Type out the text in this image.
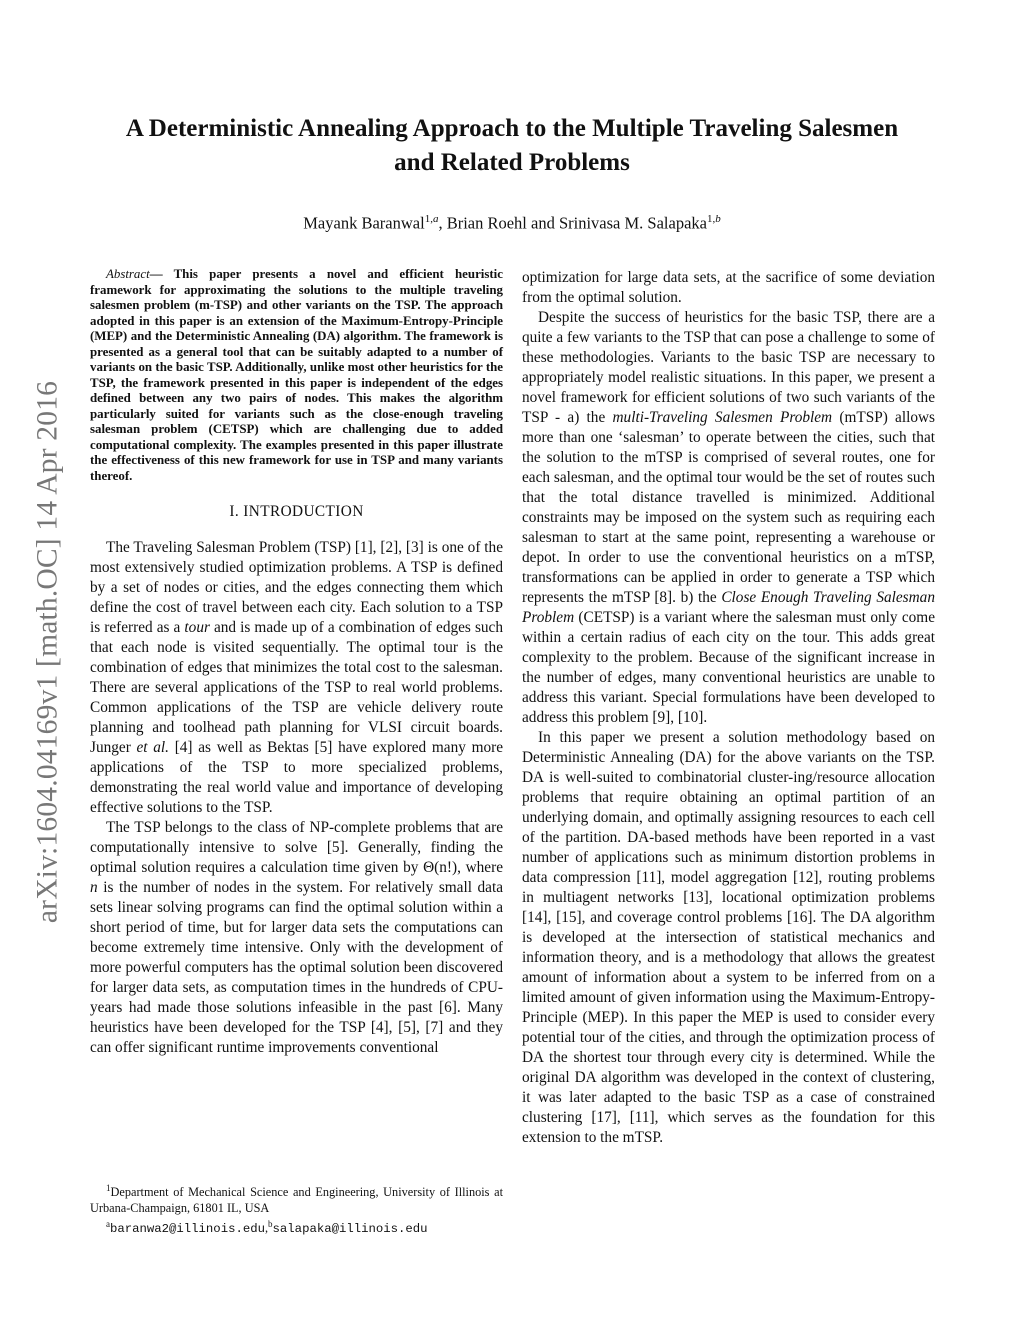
arXiv:1604.04169v1 [math.OC] 14 Apr 2016
A Deterministic Annealing Approach to the Multiple Traveling Salesmen and Related Problems
Mayank Baranwal$^{1,a}$, Brian Roehl and Srinivasa M. Salapaka$^{1,b}$

Abstract— This paper presents a novel and efficient heuristic framework for approximating the solutions to the multiple traveling salesmen problem (m-TSP) and other variants on the TSP. The approach adopted in this paper is an extension of the Maximum-Entropy-Principle (MEP) and the Deterministic Annealing (DA) algorithm. The framework is presented as a general tool that can be suitably adapted to a number of variants on the basic TSP. Additionally, unlike most other heuristics for the TSP, the framework presented in this paper is independent of the edges defined between any two pairs of nodes. This makes the algorithm particularly suited for variants such as the close-enough traveling salesman problem (CETSP) which are challenging due to added computational complexity. The examples presented in this paper illustrate the effectiveness of this new framework for use in TSP and many variants thereof.

I. INTRODUCTION

The Traveling Salesman Problem (TSP) [1], [2], [3] is one of the most extensively studied optimization problems. A TSP is defined by a set of nodes or cities, and the edges connecting them which define the cost of travel between each city. Each solution to a TSP is referred as a tour and is made up of a combination of edges such that each node is visited sequentially. The optimal tour is the combination of edges that minimizes the total cost to the salesman. There are several applications of the TSP to real world problems. Common applications of the TSP are vehicle delivery route planning and toolhead path planning for VLSI circuit boards. Junger et al. [4] as well as Bektas [5] have explored many more applications of the TSP to more specialized problems, demonstrating the real world value and importance of developing effective solutions to the TSP.

The TSP belongs to the class of NP-complete problems that are computationally intensive to solve [5]. Generally, finding the optimal solution requires a calculation time given by Θ(n!), where n is the number of nodes in the system. For relatively small data sets linear solving programs can find the optimal solution within a short period of time, but for larger data sets the computations can become extremely time intensive. Only with the development of more powerful computers has the optimal solution been discovered for larger data sets, as computation times in the hundreds of CPU-years had made those solutions infeasible in the past [6]. Many heuristics have been developed for the TSP [4], [5], [7] and they can offer significant runtime improvements conventional

$^1$Department of Mechanical Science and Engineering, University of Illinois at Urbana-Champaign, 61801 IL, USA

$^a$baranwa2@illinois.edu,$^b$salapaka@illinois.edu

optimization for large data sets, at the sacrifice of some deviation from the optimal solution.

Despite the success of heuristics for the basic TSP, there are a quite a few variants to the TSP that can pose a challenge to some of these methodologies. Variants to the basic TSP are necessary to appropriately model realistic situations. In this paper, we present a novel framework for efficient solutions of two such variants of the TSP - a) the multi-Traveling Salesmen Problem (mTSP) allows more than one ‘salesman’ to operate between the cities, such that the solution to the mTSP is comprised of several routes, one for each salesman, and the optimal tour would be the set of routes such that the total distance travelled is minimized. Additional constraints may be imposed on the system such as requiring each salesman to start at the same point, representing a warehouse or depot. In order to use the conventional heuristics on a mTSP, transformations can be applied in order to generate a TSP which represents the mTSP [8]. b) the Close Enough Traveling Salesman Problem (CETSP) is a variant where the salesman must only come within a certain radius of each city on the tour. This adds great complexity to the problem. Because of the significant increase in the number of edges, many conventional heuristics are unable to address this variant. Special formulations have been developed to address this problem [9], [10].

In this paper we present a solution methodology based on Deterministic Annealing (DA) for the above variants on the TSP. DA is well-suited to combinatorial cluster-ing/resource allocation problems that require obtaining an optimal partition of an underlying domain, and optimally assigning resources to each cell of the partition. DA-based methods have been reported in a vast number of applications such as minimum distortion problems in data compression [11], model aggregation [12], routing problems in multiagent networks [13], locational optimization problems [14], [15], and coverage control problems [16]. The DA algorithm is developed at the intersection of statistical mechanics and information theory, and is a methodology that allows the greatest amount of information about a system to be inferred from on a limited amount of given information using the Maximum-Entropy-Principle (MEP). In this paper the MEP is used to consider every potential tour of the cities, and through the optimization process of DA the shortest tour through every city is determined. While the original DA algorithm was developed in the context of clustering, it was later adapted to the basic TSP as a case of constrained clustering [17], [11], which serves as the foundation for this extension to the mTSP.
